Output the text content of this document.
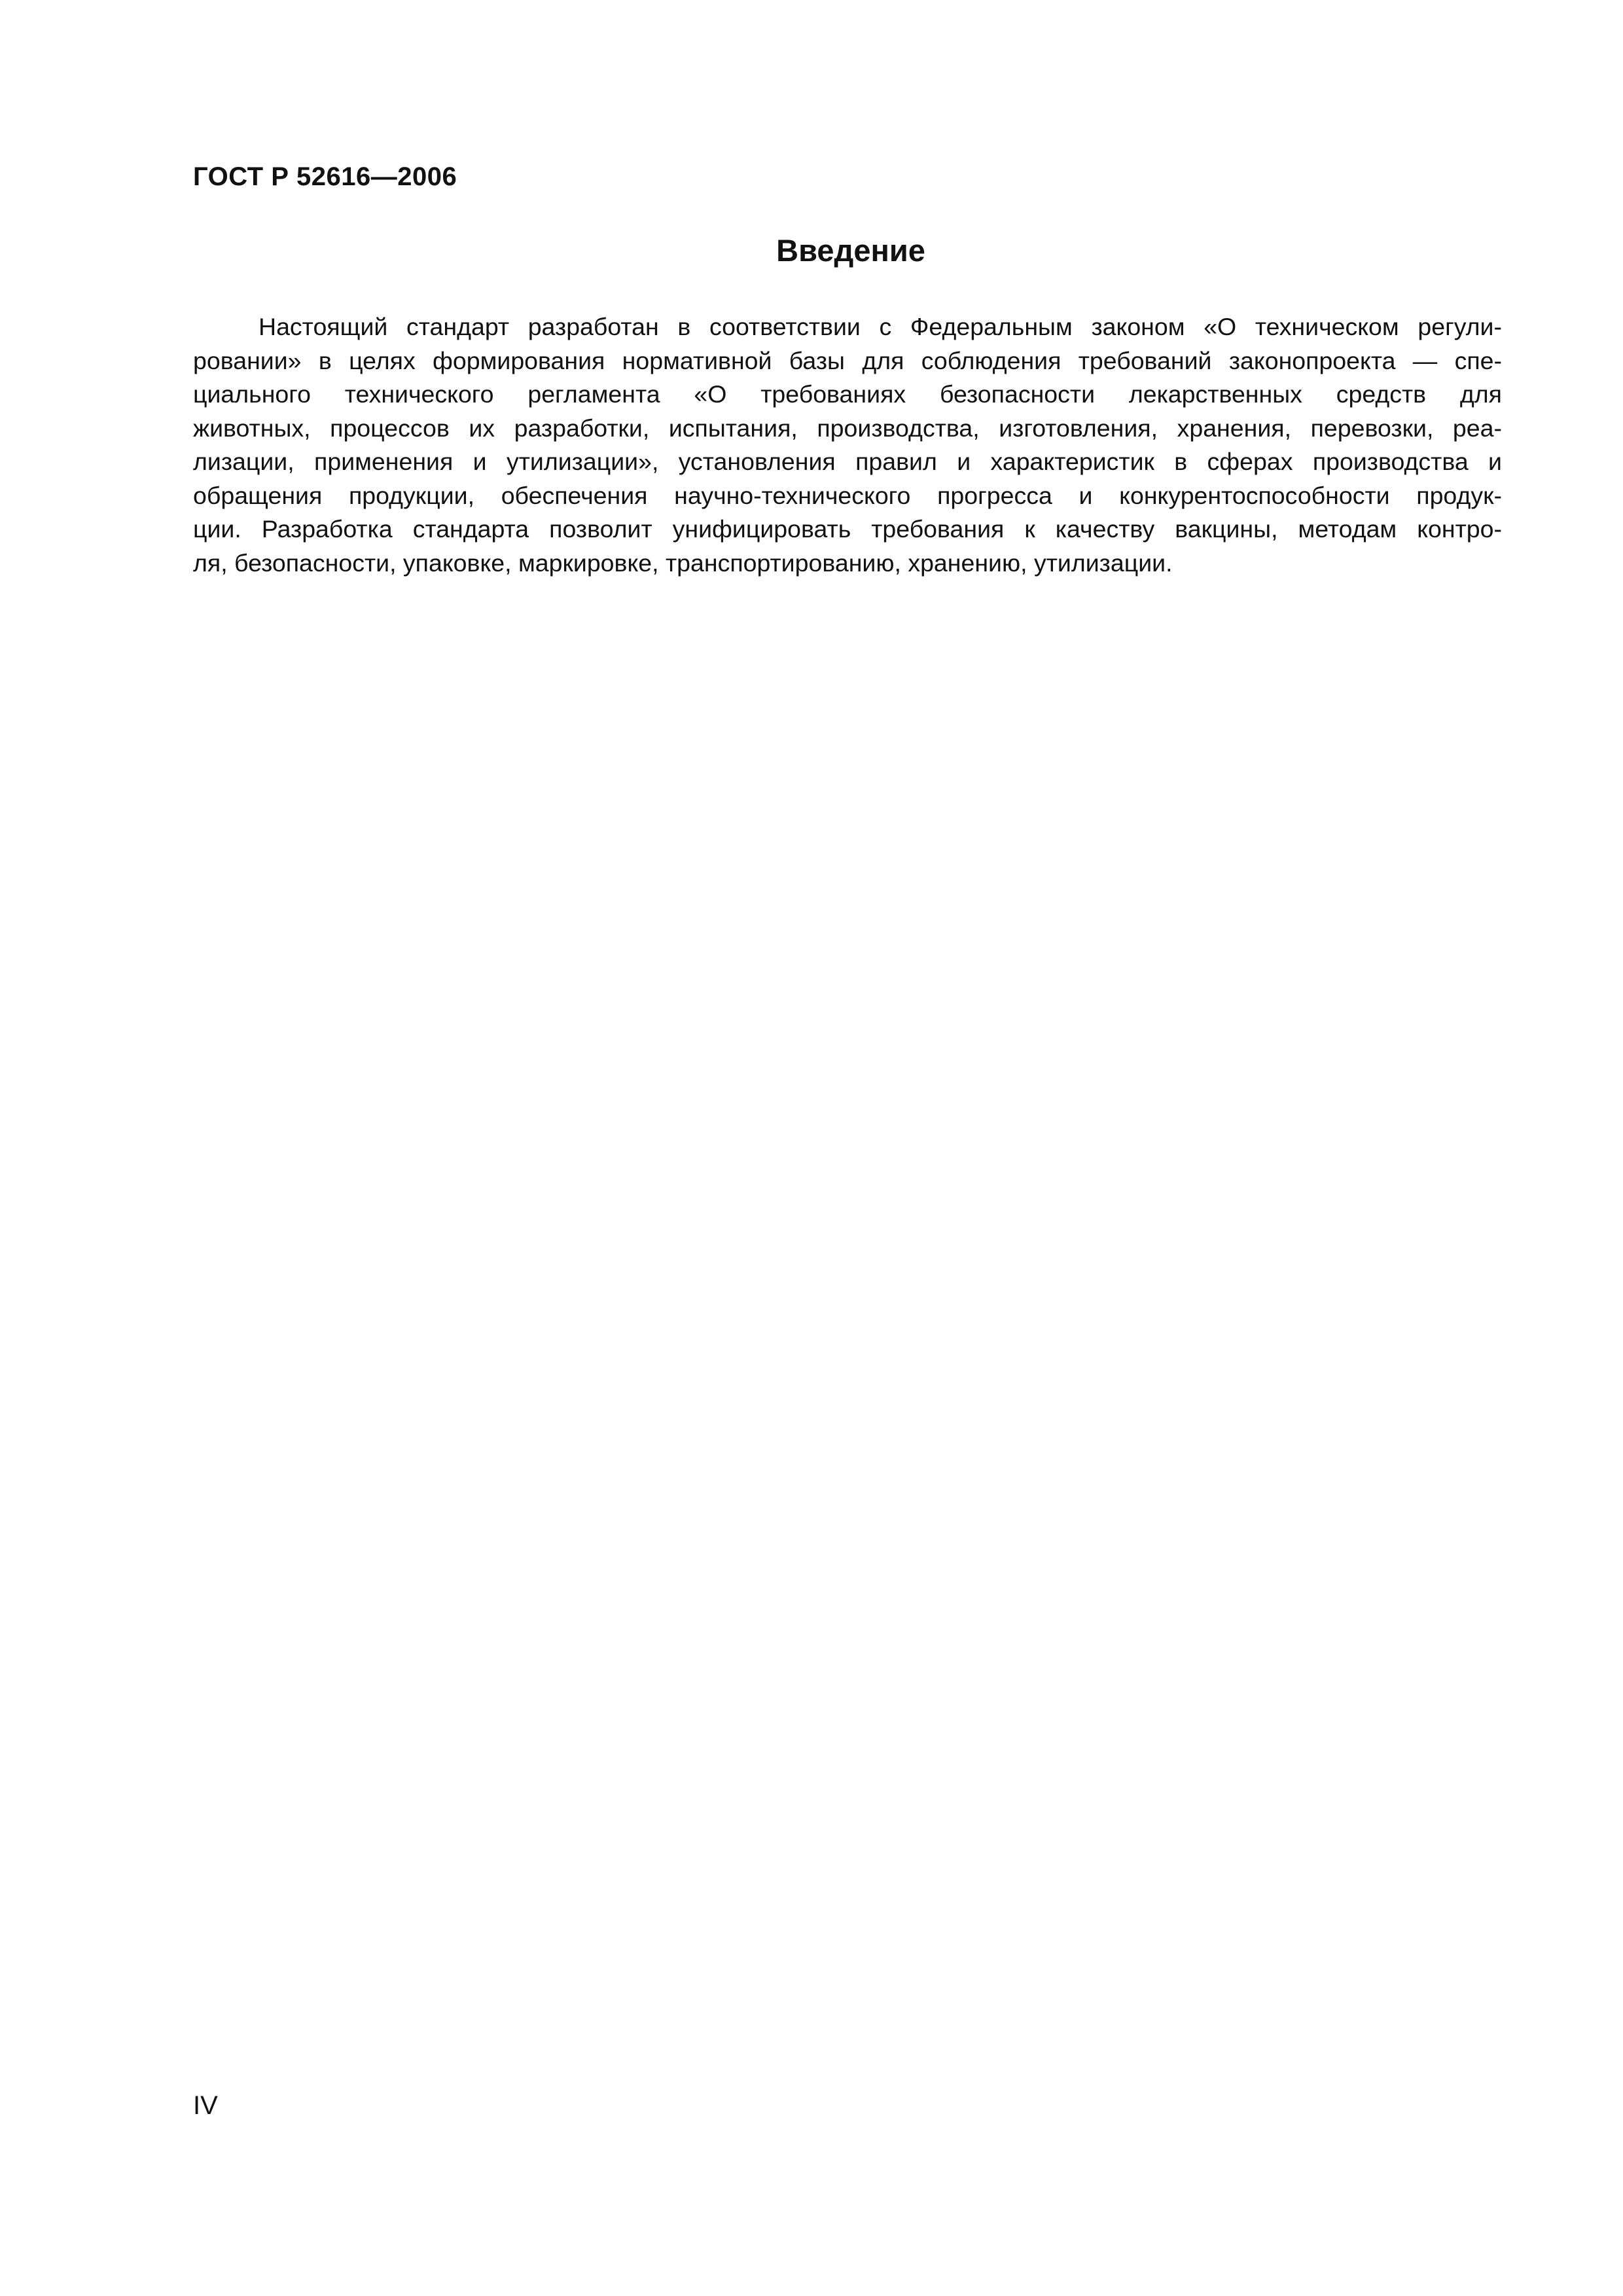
ГОСТ Р 52616—2006
Введение
Настоящий стандарт разработан в соответствии с Федеральным законом «О техническом регули-
ровании» в целях формирования нормативной базы для соблюдения требований законопроекта — спе-
циального технического регламента «О требованиях безопасности лекарственных средств для
животных, процессов их разработки, испытания, производства, изготовления, хранения, перевозки, реа-
лизации, применения и утилизации», установления правил и характеристик в сферах производства и
обращения продукции, обеспечения научно-технического прогресса и конкурентоспособности продук-
ции. Разработка стандарта позволит унифицировать требования к качеству вакцины, методам контро-
ля, безопасности, упаковке, маркировке, транспортированию, хранению, утилизации.
IV
